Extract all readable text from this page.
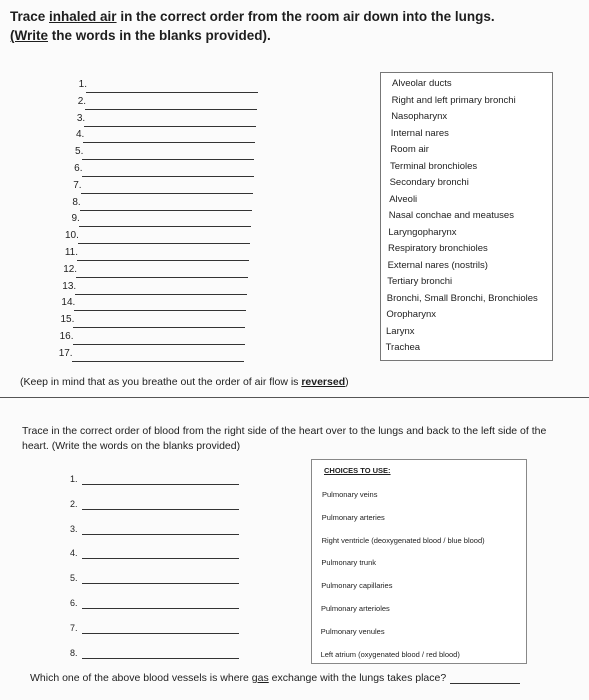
Trace inhaled air in the correct order from the room air down into the lungs.
(Write the words in the blanks provided).
1.
2.
3.
4.
5.
6.
7.
8.
9.
10.
11.
12.
13.
14.
15.
16.
17.
Alveolar ducts
Right and left primary bronchi
Nasopharynx
Internal nares
Room air
Terminal bronchioles
Secondary bronchi
Alveoli
Nasal conchae and meatuses
Laryngopharynx
Respiratory bronchioles
External nares (nostrils)
Tertiary bronchi
Bronchi, Small Bronchi, Bronchioles
Oropharynx
Larynx
Trachea
(Keep in mind that as you breathe out the order of air flow is reversed)
Trace in the correct order of blood from the right side of the heart over to the lungs and back to the left side of the heart. (Write the words on the blanks provided)
1.
2.
3.
4.
5.
6.
7.
8.
CHOICES TO USE:
Pulmonary veins
Pulmonary arteries
Right ventricle (deoxygenated blood / blue blood)
Pulmonary trunk
Pulmonary capillaries
Pulmonary arterioles
Pulmonary venules
Left atrium (oxygenated blood / red blood)
Which one of the above blood vessels is where gas exchange with the lungs takes place?
